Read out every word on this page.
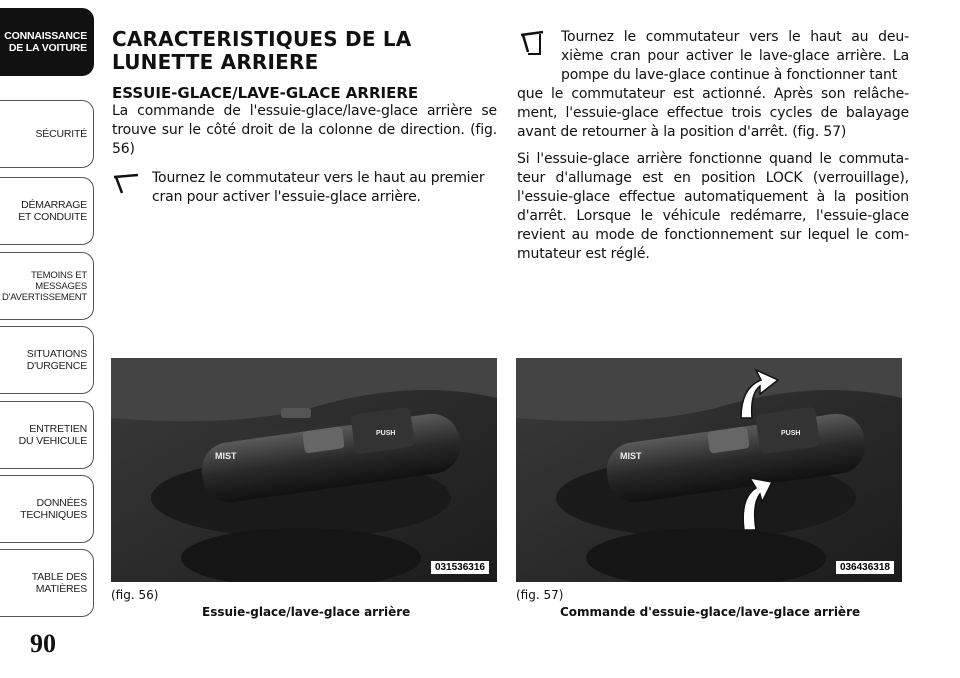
CONNAISSANCE
DE LA VOITURE
SÉCURITÉ
DÉMARRAGE
ET CONDUITE
TEMOINS ET
MESSAGES
D'AVERTISSEMENT
SITUATIONS
D'URGENCE
ENTRETIEN
DU VEHICULE
DONNÉES
TECHNIQUES
TABLE DES
MATIÈRES
90
CARACTERISTIQUES DE LA LUNETTE ARRIERE
ESSUIE-GLACE/LAVE-GLACE ARRIERE

La commande de l'essuie-glace/lave-glace arrière se trouve sur le côté droit de la colonne de direction. (fig. 56)

Tournez le commutateur vers le haut au premier cran pour activer l'essuie-glace arrière.

Tournez le commutateur vers le haut au deu-xième cran pour activer le lave-glace arrière. La pompe du lave-glace continue à fonctionner tant

que le commutateur est actionné. Après son relâche-ment, l'essuie-glace effectue trois cycles de balayage avant de retourner à la position d'arrêt. (fig. 57)

Si l'essuie-glace arrière fonctionne quand le commuta-teur d'allumage est en position LOCK (verrouillage), l'essuie-glace effectue automatiquement à la position d'arrêt. Lorsque le véhicule redémarre, l'essuie-glace revient au mode de fonctionnement sur lequel le com-mutateur est réglé.

MIST
PUSH
031536316
(fig. 56)
Essuie-glace/lave-glace arrière
MIST
PUSH
036436318
(fig. 57)
Commande d'essuie-glace/lave-glace arrière
